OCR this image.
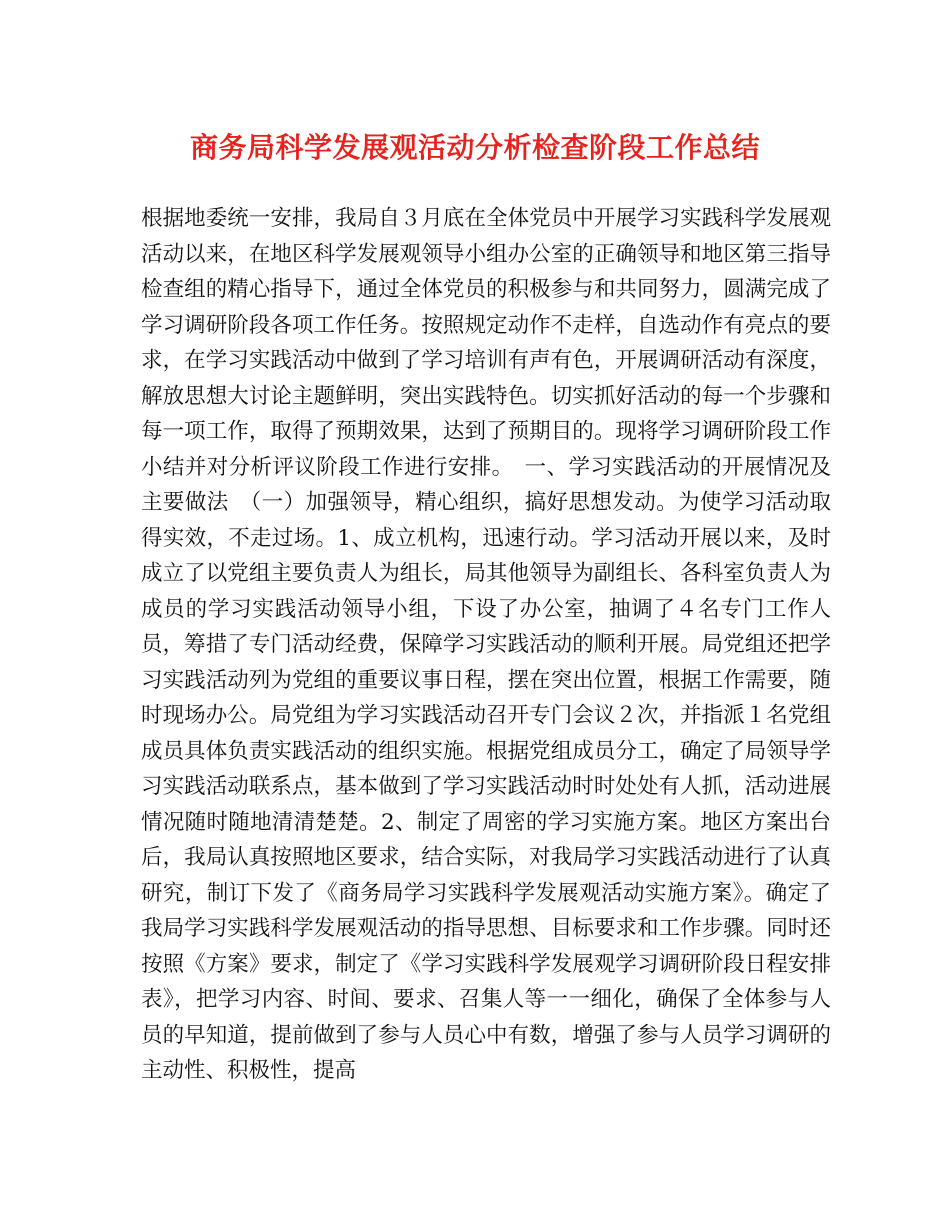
商务局科学发展观活动分析检查阶段工作总结

根据地委统一安排，我局自３月底在全体党员中开展学习实践科学发展观活动以来，在地区科学发展观领导小组办公室的正确领导和地区第三指导检查组的精心指导下，通过全体党员的积极参与和共同努力，圆满完成了学习调研阶段各项工作任务。按照规定动作不走样，自选动作有亮点的要求，在学习实践活动中做到了学习培训有声有色，开展调研活动有深度，解放思想大讨论主题鲜明，突出实践特色。切实抓好活动的每一个步骤和每一项工作，取得了预期效果，达到了预期目的。现将学习调研阶段工作小结并对分析评议阶段工作进行安排。　一、学习实践活动的开展情况及主要做法　（一）加强领导，精心组织，搞好思想发动。为使学习活动取得实效，不走过场。1、成立机构，迅速行动。学习活动开展以来，及时成立了以党组主要负责人为组长，局其他领导为副组长、各科室负责人为成员的学习实践活动领导小组，下设了办公室，抽调了４名专门工作人员，筹措了专门活动经费，保障学习实践活动的顺利开展。局党组还把学习实践活动列为党组的重要议事日程，摆在突出位置，根据工作需要，随时现场办公。局党组为学习实践活动召开专门会议２次，并指派１名党组成员具体负责实践活动的组织实施。根据党组成员分工，确定了局领导学习实践活动联系点，基本做到了学习实践活动时时处处有人抓，活动进展情况随时随地清清楚楚。2、制定了周密的学习实施方案。地区方案出台后，我局认真按照地区要求，结合实际，对我局学习实践活动进行了认真研究，制订下发了《商务局学习实践科学发展观活动实施方案》。确定了我局学习实践科学发展观活动的指导思想、目标要求和工作步骤。同时还按照《方案》要求，制定了《学习实践科学发展观学习调研阶段日程安排表》，把学习内容、时间、要求、召集人等一一细化，确保了全体参与人员的早知道，提前做到了参与人员心中有数，增强了参与人员学习调研的主动性、积极性，提高
